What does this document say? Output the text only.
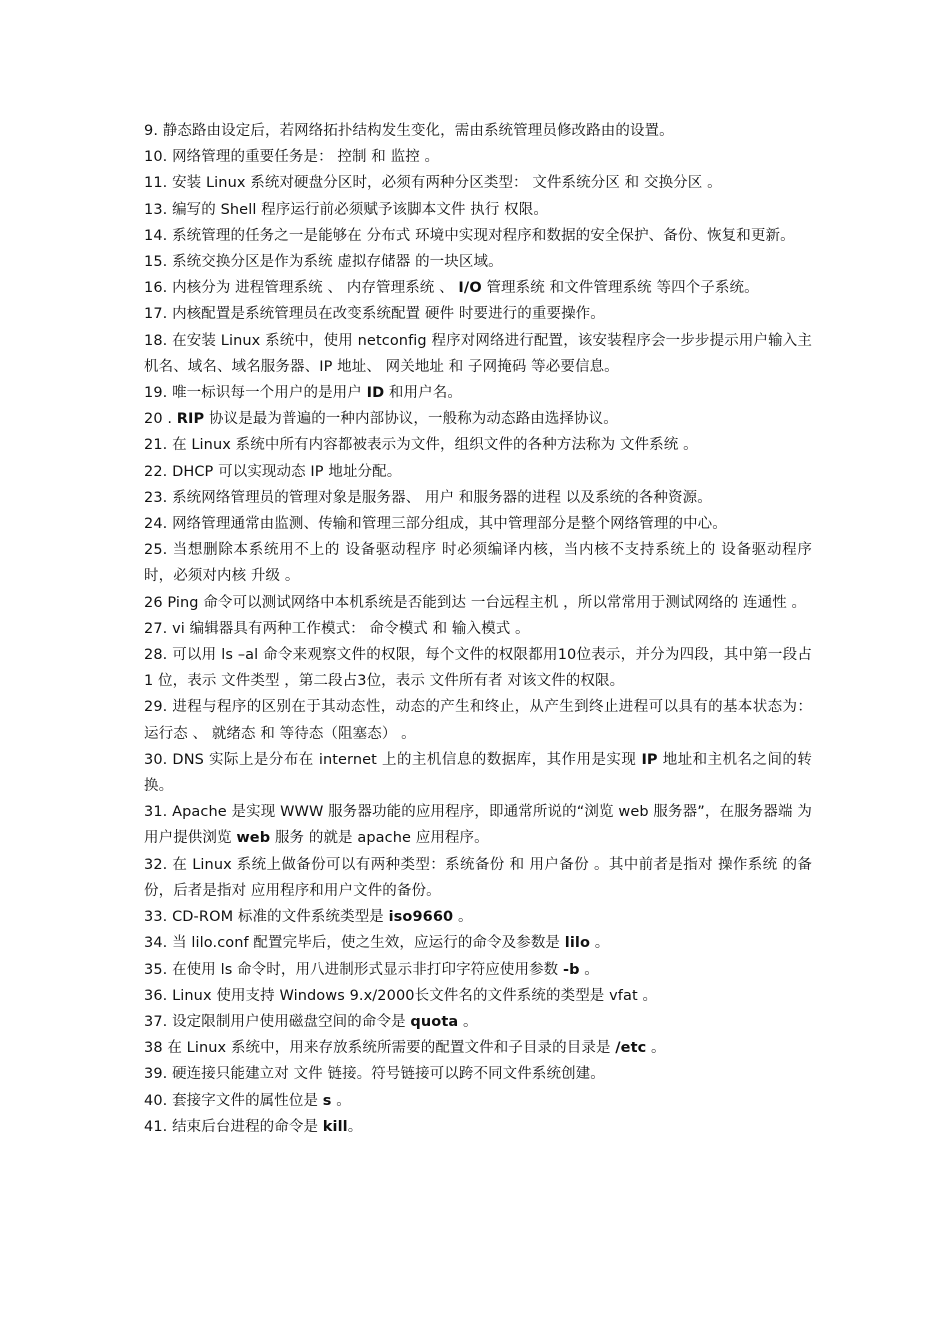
9. 静态路由设定后，若网络拓扑结构发生变化，需由系统管理员修改路由的设置。

10. 网络管理的重要任务是： 控制 和 监控 。

11. 安装 Linux 系统对硬盘分区时，必须有两种分区类型： 文件系统分区 和 交换分区 。

13. 编写的 Shell 程序运行前必须赋予该脚本文件 执行 权限。

14. 系统管理的任务之一是能够在 分布式 环境中实现对程序和数据的安全保护、备份、恢复和更新。

15. 系统交换分区是作为系统 虚拟存储器 的一块区域。

16. 内核分为 进程管理系统 、 内存管理系统 、 I/O 管理系统 和文件管理系统 等四个子系统。

17. 内核配置是系统管理员在改变系统配置 硬件 时要进行的重要操作。

18. 在安装 Linux 系统中，使用 netconfig 程序对网络进行配置，该安装程序会一步步提示用户输入主机名、域名、域名服务器、IP 地址、 网关地址 和 子网掩码 等必要信息。

19. 唯一标识每一个用户的是用户 ID 和用户名。

20 . RIP 协议是最为普遍的一种内部协议，一般称为动态路由选择协议。

21. 在 Linux 系统中所有内容都被表示为文件，组织文件的各种方法称为 文件系统 。

22. DHCP 可以实现动态 IP 地址分配。

23. 系统网络管理员的管理对象是服务器、 用户 和服务器的进程 以及系统的各种资源。

24. 网络管理通常由监测、传输和管理三部分组成，其中管理部分是整个网络管理的中心。

25. 当想删除本系统用不上的 设备驱动程序 时必须编译内核，当内核不支持系统上的 设备驱动程序 时，必须对内核 升级 。

26 Ping 命令可以测试网络中本机系统是否能到达 一台远程主机 ，所以常常用于测试网络的 连通性 。

27. vi 编辑器具有两种工作模式： 命令模式 和 输入模式 。

28. 可以用 ls –al 命令来观察文件的权限，每个文件的权限都用10位表示，并分为四段，其中第一段占 1 位，表示 文件类型 ，第二段占3位，表示 文件所有者 对该文件的权限。

29. 进程与程序的区别在于其动态性，动态的产生和终止，从产生到终止进程可以具有的基本状态为： 运行态 、 就绪态 和 等待态（阻塞态） 。

30. DNS 实际上是分布在 internet 上的主机信息的数据库，其作用是实现 IP 地址和主机名之间的转换。

31. Apache 是实现 WWW 服务器功能的应用程序，即通常所说的“浏览 web 服务器”，在服务器端 为用户提供浏览 web 服务 的就是 apache 应用程序。

32. 在 Linux 系统上做备份可以有两种类型：系统备份 和 用户备份 。其中前者是指对 操作系统 的备份，后者是指对 应用程序和用户文件的备份。

33. CD-ROM 标准的文件系统类型是 iso9660 。

34. 当 lilo.conf 配置完毕后，使之生效，应运行的命令及参数是 lilo 。

35. 在使用 ls 命令时，用八进制形式显示非打印字符应使用参数 -b 。

36. Linux 使用支持 Windows 9.x/2000长文件名的文件系统的类型是 vfat 。

37. 设定限制用户使用磁盘空间的命令是 quota 。

38 在 Linux 系统中，用来存放系统所需要的配置文件和子目录的目录是 /etc 。

39. 硬连接只能建立对 文件 链接。符号链接可以跨不同文件系统创建。

40. 套接字文件的属性位是 s 。

41. 结束后台进程的命令是 kill。
